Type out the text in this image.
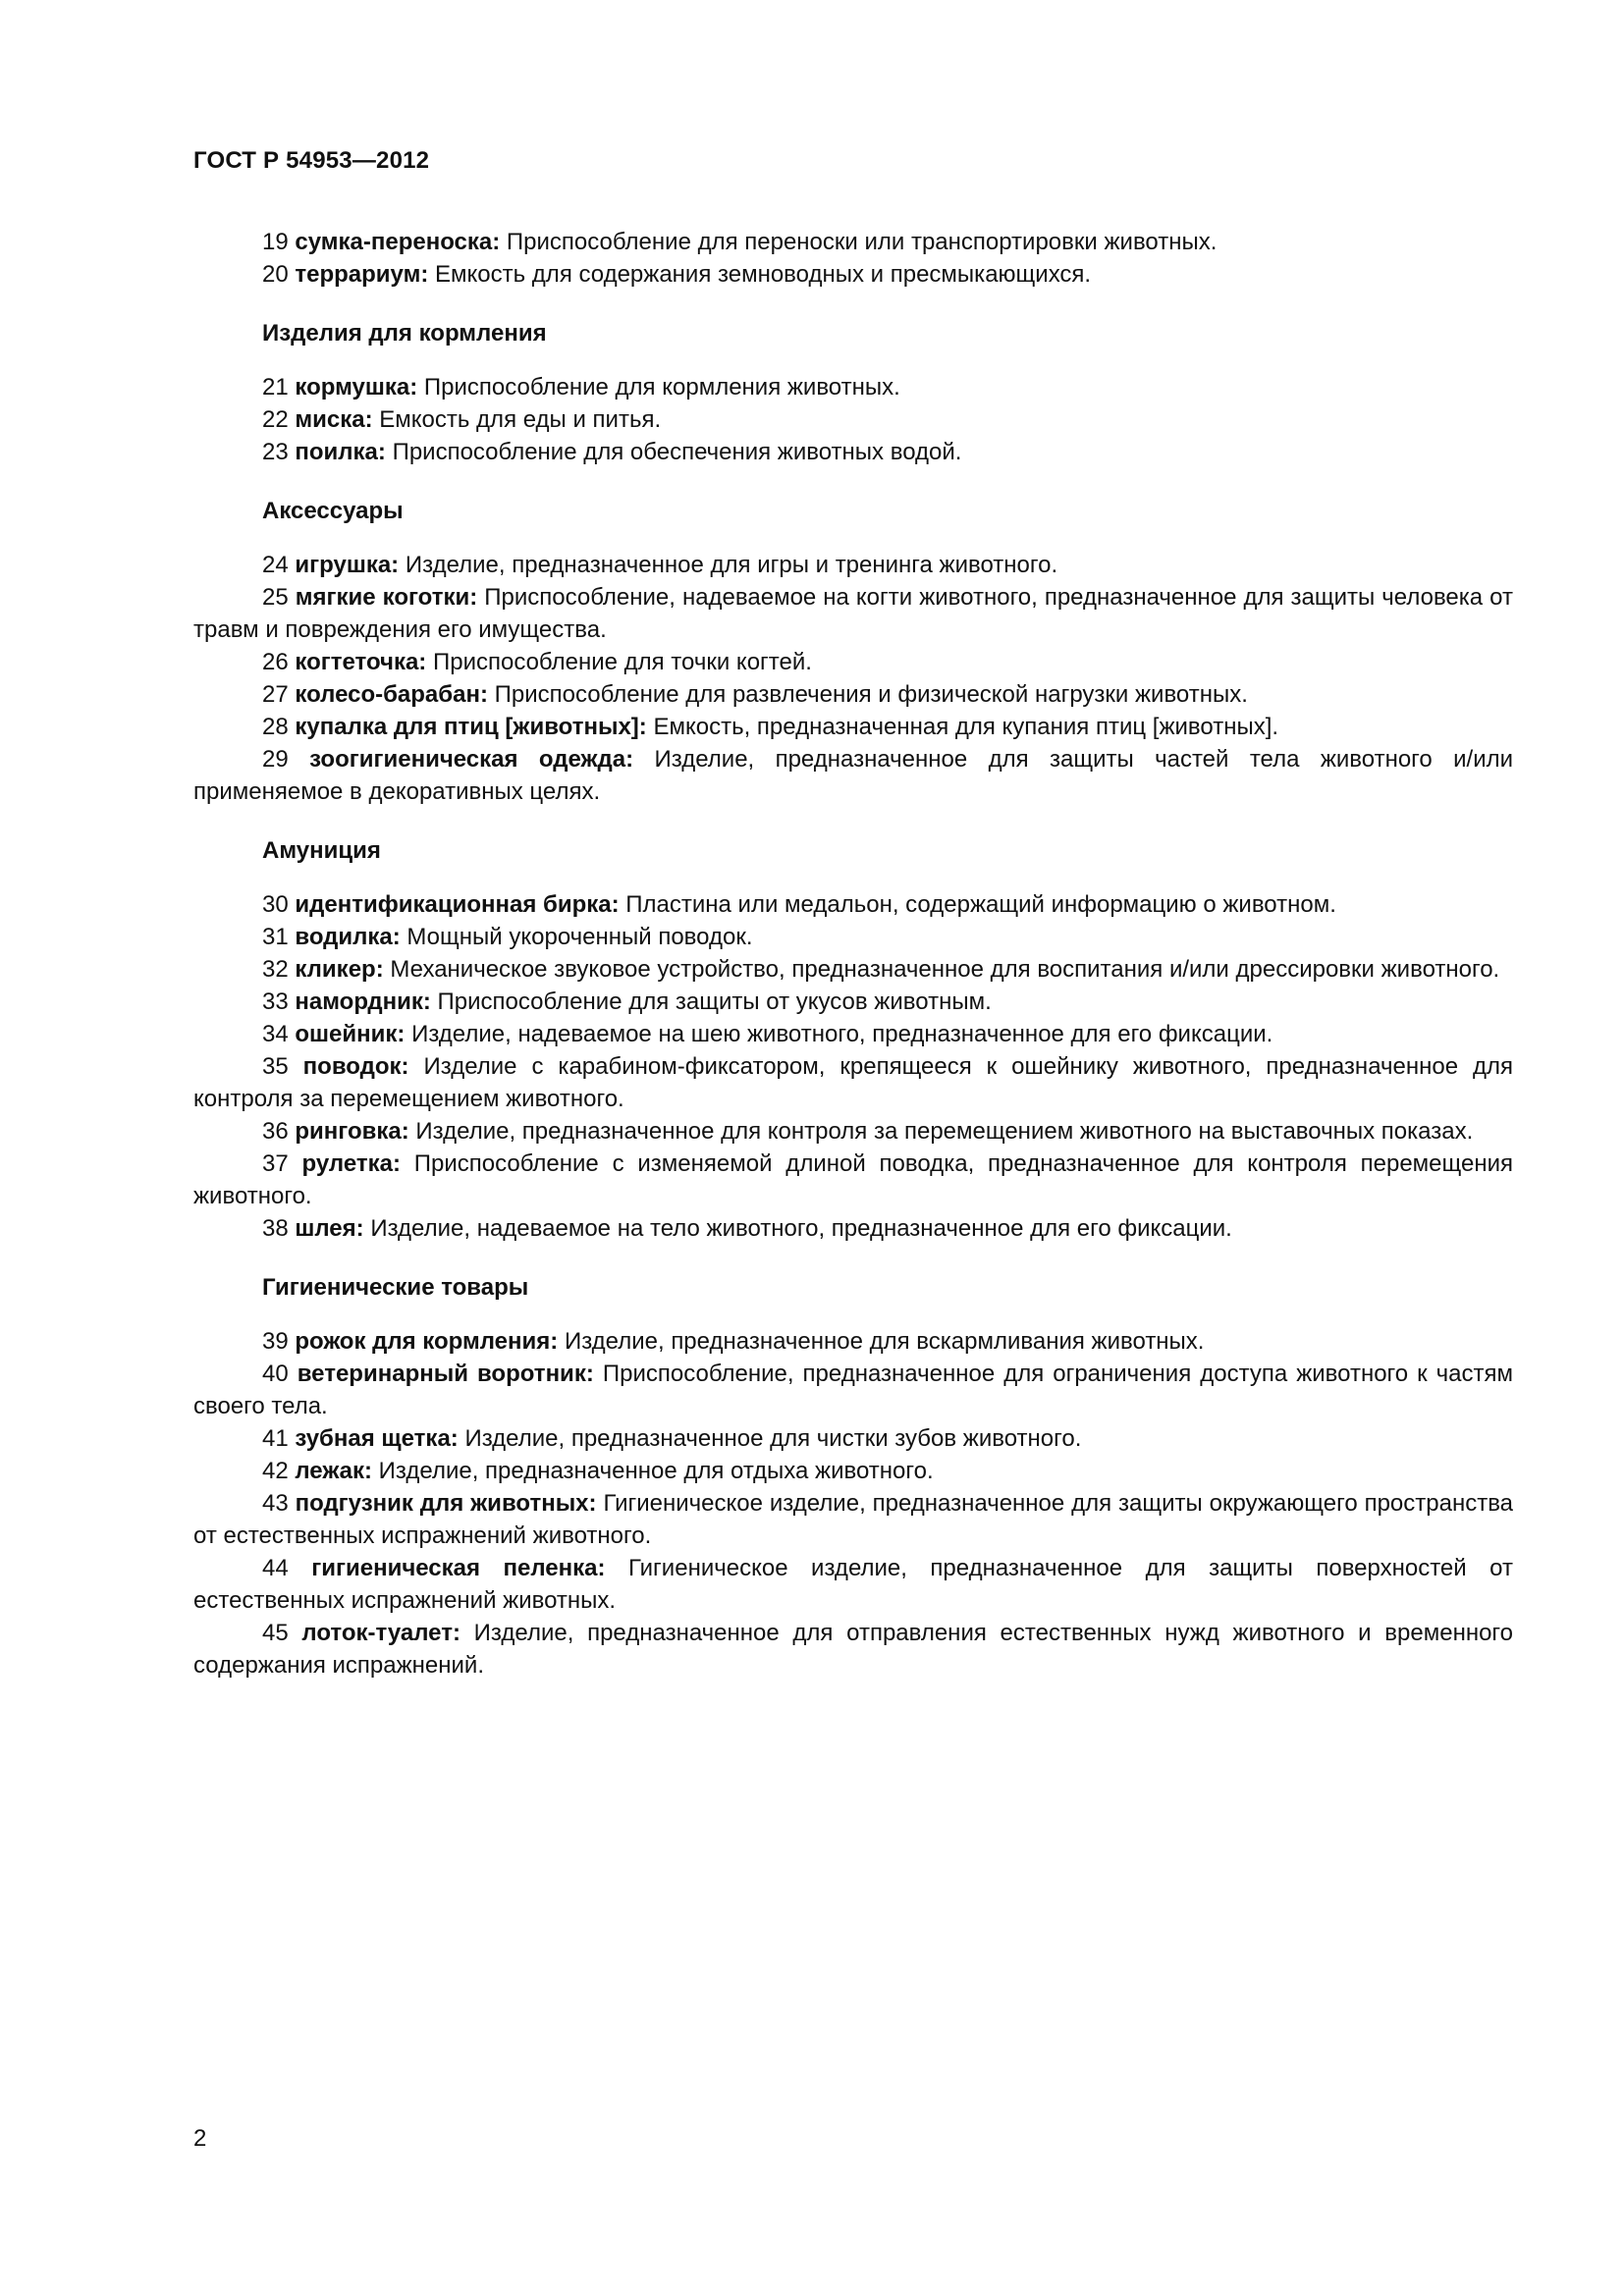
ГОСТ Р 54953—2012

19 сумка-переноска: Приспособление для переноски или транспортировки животных.

20 террариум: Емкость для содержания земноводных и пресмыкающихся.

Изделия для кормления

21 кормушка: Приспособление для кормления животных.

22 миска: Емкость для еды и питья.

23 поилка: Приспособление для обеспечения животных водой.

Аксессуары

24 игрушка: Изделие, предназначенное для игры и тренинга животного.

25 мягкие коготки: Приспособление, надеваемое на когти животного, предназначенное для защиты человека от травм и повреждения его имущества.

26 когтеточка: Приспособление для точки когтей.

27 колесо-барабан: Приспособление для развлечения и физической нагрузки животных.

28 купалка для птиц [животных]: Емкость, предназначенная для купания птиц [животных].

29 зоогигиеническая одежда: Изделие, предназначенное для защиты частей тела животного и/или применяемое в декоративных целях.

Амуниция

30 идентификационная бирка: Пластина или медальон, содержащий информацию о животном.

31 водилка: Мощный укороченный поводок.

32 кликер: Механическое звуковое устройство, предназначенное для воспитания и/или дрессировки животного.

33 намордник: Приспособление для защиты от укусов животным.

34 ошейник: Изделие, надеваемое на шею животного, предназначенное для его фиксации.

35 поводок: Изделие с карабином-фиксатором, крепящееся к ошейнику животного, предназначенное для контроля за перемещением животного.

36 ринговка: Изделие, предназначенное для контроля за перемещением животного на выставочных показах.

37 рулетка: Приспособление с изменяемой длиной поводка, предназначенное для контроля перемещения животного.

38 шлея: Изделие, надеваемое на тело животного, предназначенное для его фиксации.

Гигиенические товары

39 рожок для кормления: Изделие, предназначенное для вскармливания животных.

40 ветеринарный воротник: Приспособление, предназначенное для ограничения доступа животного к частям своего тела.

41 зубная щетка: Изделие, предназначенное для чистки зубов животного.

42 лежак: Изделие, предназначенное для отдыха животного.

43 подгузник для животных: Гигиеническое изделие, предназначенное для защиты окружающего пространства от естественных испражнений животного.

44 гигиеническая пеленка: Гигиеническое изделие, предназначенное для защиты поверхностей от естественных испражнений животных.

45 лоток-туалет: Изделие, предназначенное для отправления естественных нужд животного и временного содержания испражнений.

2
